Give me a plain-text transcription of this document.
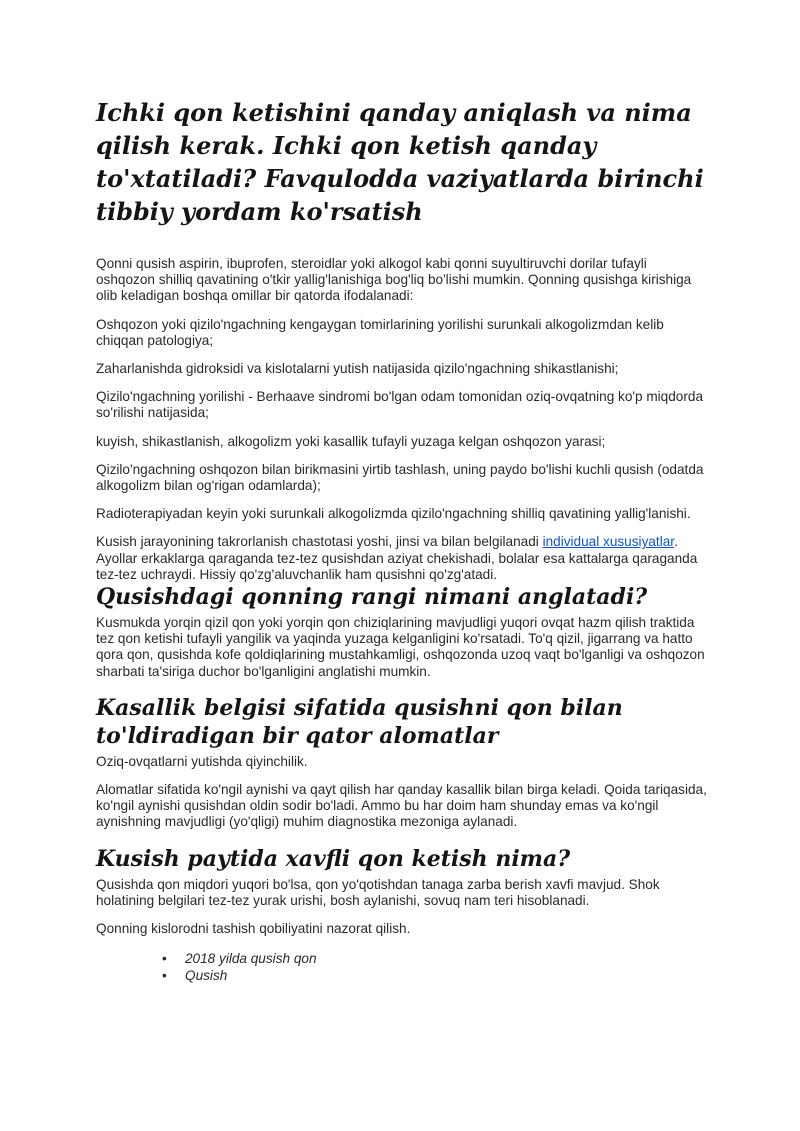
Ichki qon ketishini qanday aniqlash va nima qilish kerak. Ichki qon ketish qanday to'xtatiladi? Favqulodda vaziyatlarda birinchi tibbiy yordam ko'rsatish

Qonni qusish aspirin, ibuprofen, steroidlar yoki alkogol kabi qonni suyultiruvchi dorilar tufayli oshqozon shilliq qavatining o'tkir yallig'lanishiga bog'liq bo'lishi mumkin. Qonning qusishga kirishiga olib keladigan boshqa omillar bir qatorda ifodalanadi:

Oshqozon yoki qizilo'ngachning kengaygan tomirlarining yorilishi surunkali alkogolizmdan kelib chiqqan patologiya;

Zaharlanishda gidroksidi va kislotalarni yutish natijasida qizilo'ngachning shikastlanishi;

Qizilo'ngachning yorilishi - Berhaave sindromi bo'lgan odam tomonidan oziq-ovqatning ko'p miqdorda so'rilishi natijasida;

kuyish, shikastlanish, alkogolizm yoki kasallik tufayli yuzaga kelgan oshqozon yarasi;

Qizilo'ngachning oshqozon bilan birikmasini yirtib tashlash, uning paydo bo'lishi kuchli qusish (odatda alkogolizm bilan og'rigan odamlarda);

Radioterapiyadan keyin yoki surunkali alkogolizmda qizilo'ngachning shilliq qavatining yallig'lanishi.

Kusish jarayonining takrorlanish chastotasi yoshi, jinsi va bilan belgilanadi individual xususiyatlar. Ayollar erkaklarga qaraganda tez-tez qusishdan aziyat chekishadi, bolalar esa kattalarga qaraganda tez-tez uchraydi. Hissiy qo'zg'aluvchanlik ham qusishni qo'zg'atadi.

Qusishdagi qonning rangi nimani anglatadi?

Kusmukda yorqin qizil qon yoki yorqin qon chiziqlarining mavjudligi yuqori ovqat hazm qilish traktida tez qon ketishi tufayli yangilik va yaqinda yuzaga kelganligini ko'rsatadi. To'q qizil, jigarrang va hatto qora qon, qusishda kofe qoldiqlarining mustahkamligi, oshqozonda uzoq vaqt bo'lganligi va oshqozon sharbati ta'siriga duchor bo'lganligini anglatishi mumkin.

Kasallik belgisi sifatida qusishni qon bilan to'ldiradigan bir qator alomatlar

Oziq-ovqatlarni yutishda qiyinchilik.

Alomatlar sifatida ko'ngil aynishi va qayt qilish har qanday kasallik bilan birga keladi. Qoida tariqasida, ko'ngil aynishi qusishdan oldin sodir bo'ladi. Ammo bu har doim ham shunday emas va ko'ngil aynishning mavjudligi (yo'qligi) muhim diagnostika mezoniga aylanadi.

Kusish paytida xavfli qon ketish nima?

Qusishda qon miqdori yuqori bo'lsa, qon yo'qotishdan tanaga zarba berish xavfi mavjud. Shok holatining belgilari tez-tez yurak urishi, bosh aylanishi, sovuq nam teri hisoblanadi.

Qonning kislorodni tashish qobiliyatini nazorat qilish.

• 2018 yilda qusish qon
• Qusish
